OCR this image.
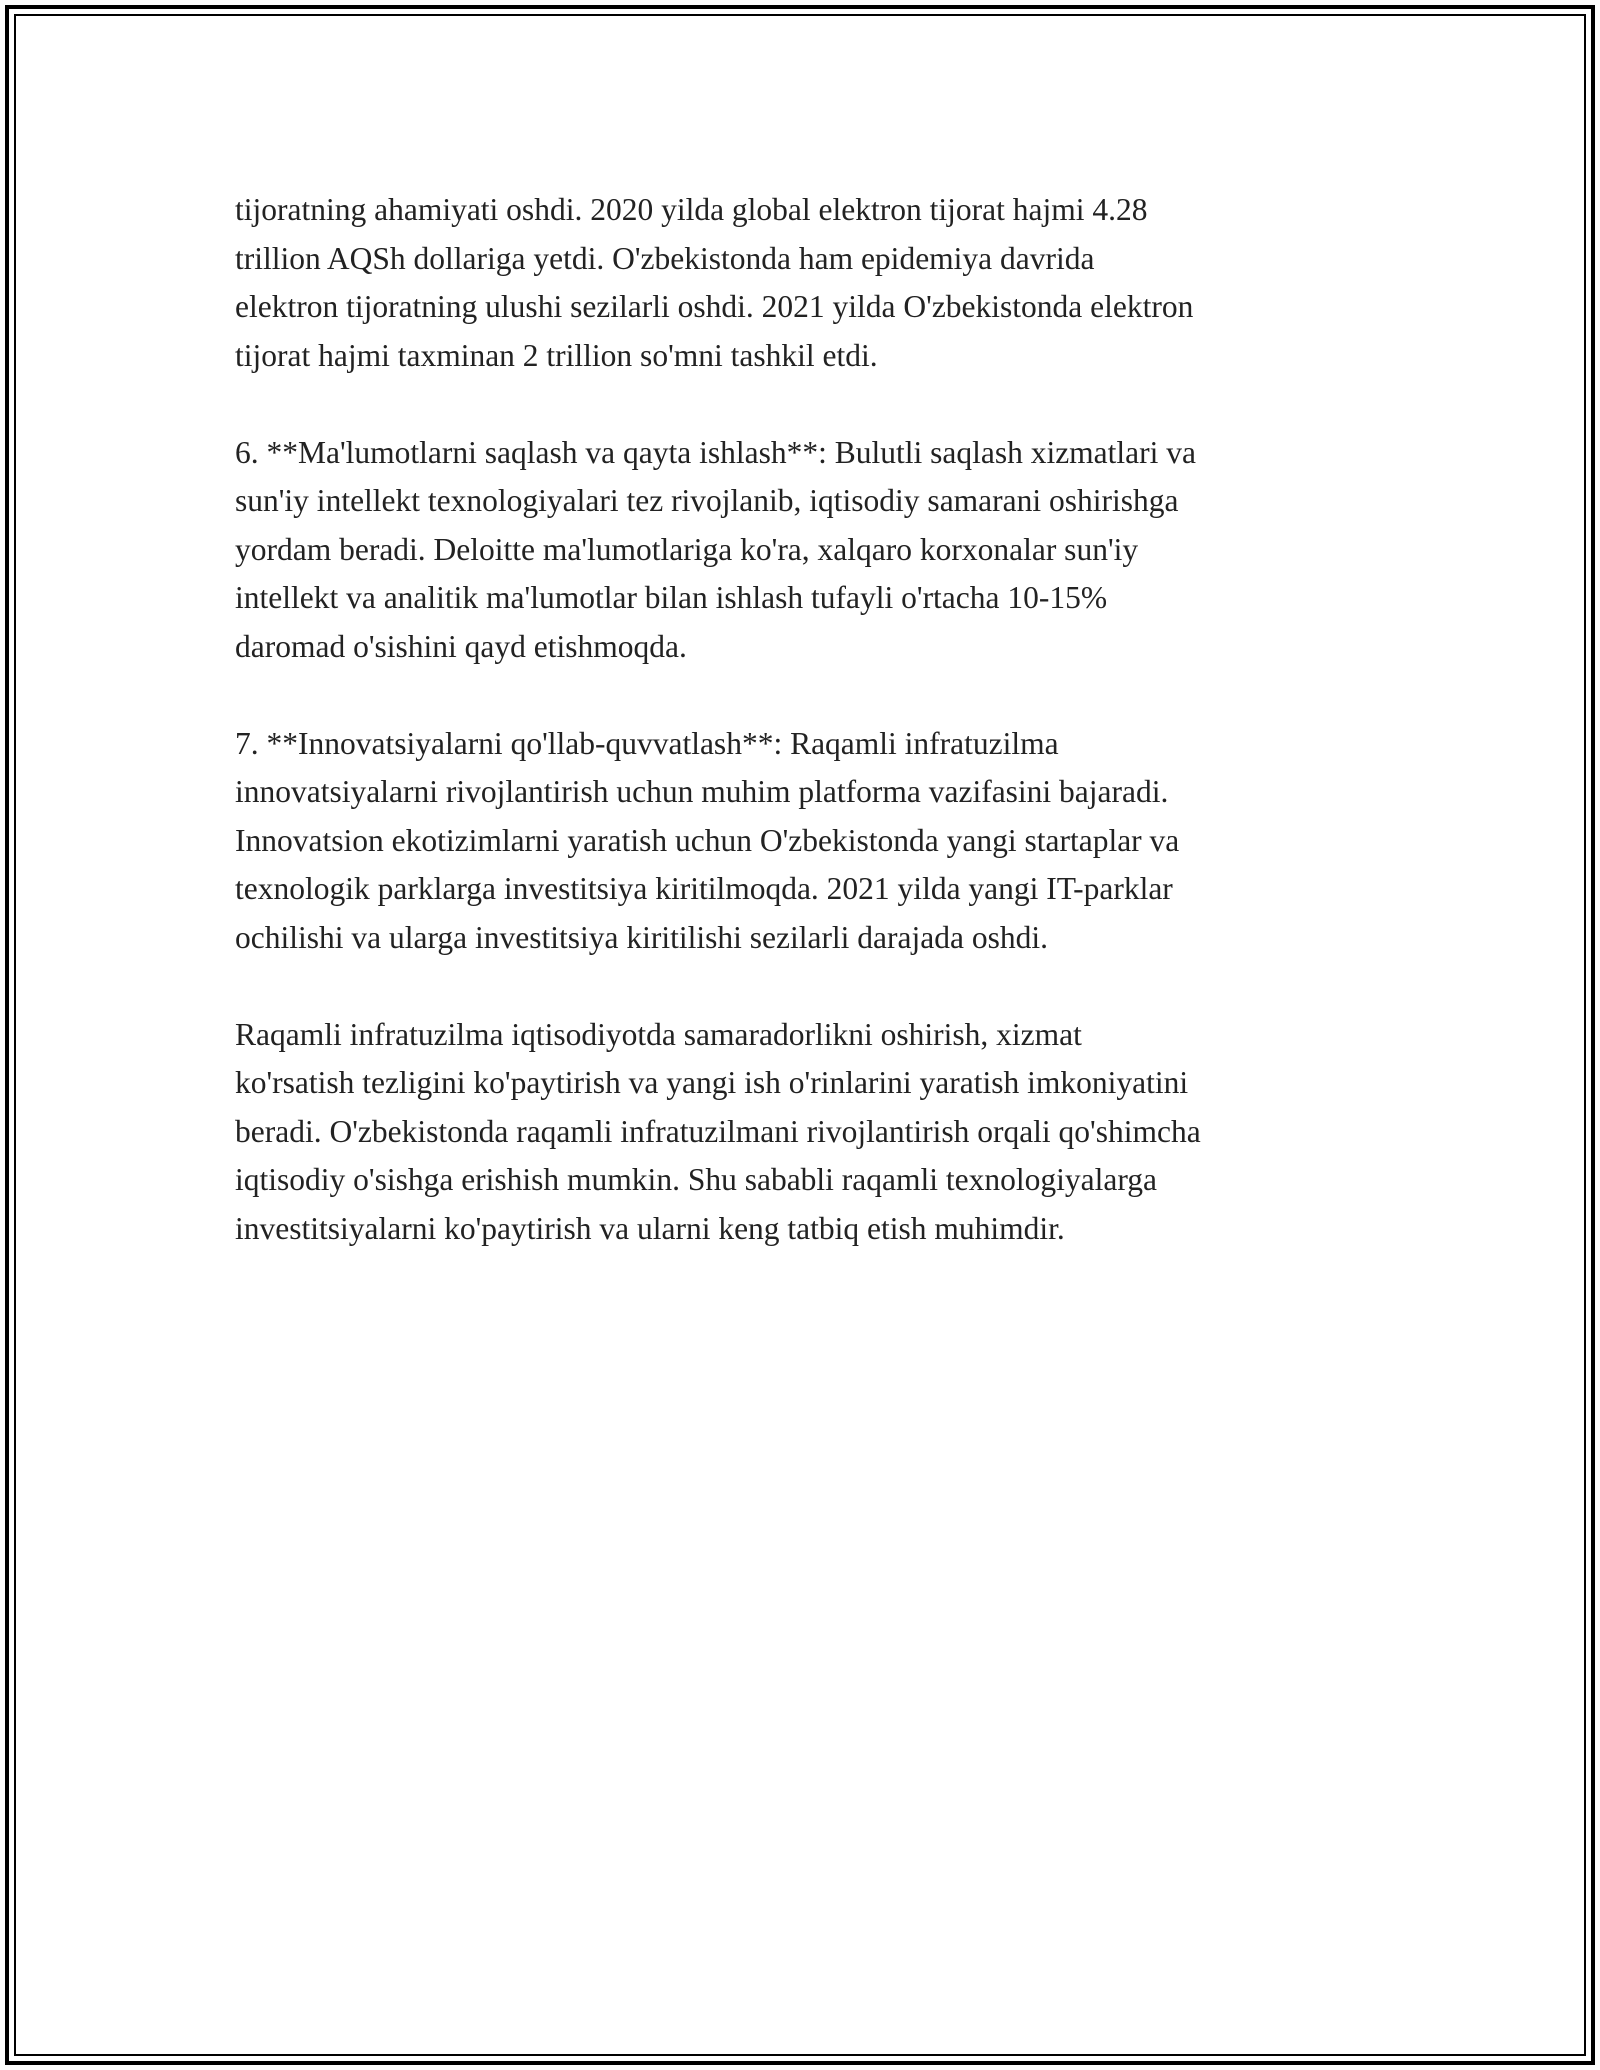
tijoratning ahamiyati oshdi. 2020 yilda global elektron tijorat hajmi 4.28
trillion AQSh dollariga yetdi. O'zbekistonda ham epidemiya davrida
elektron tijoratning ulushi sezilarli oshdi. 2021 yilda O'zbekistonda elektron
tijorat hajmi taxminan 2 trillion so'mni tashkil etdi.

6. **Ma'lumotlarni saqlash va qayta ishlash**: Bulutli saqlash xizmatlari va
sun'iy intellekt texnologiyalari tez rivojlanib, iqtisodiy samarani oshirishga
yordam beradi. Deloitte ma'lumotlariga ko'ra, xalqaro korxonalar sun'iy
intellekt va analitik ma'lumotlar bilan ishlash tufayli o'rtacha 10-15%
daromad o'sishini qayd etishmoqda.

7. **Innovatsiyalarni qo'llab-quvvatlash**: Raqamli infratuzilma
innovatsiyalarni rivojlantirish uchun muhim platforma vazifasini bajaradi.
Innovatsion ekotizimlarni yaratish uchun O'zbekistonda yangi startaplar va
texnologik parklarga investitsiya kiritilmoqda. 2021 yilda yangi IT-parklar
ochilishi va ularga investitsiya kiritilishi sezilarli darajada oshdi.

Raqamli infratuzilma iqtisodiyotda samaradorlikni oshirish, xizmat
ko'rsatish tezligini ko'paytirish va yangi ish o'rinlarini yaratish imkoniyatini
beradi. O'zbekistonda raqamli infratuzilmani rivojlantirish orqali qo'shimcha
iqtisodiy o'sishga erishish mumkin. Shu sababli raqamli texnologiyalarga
investitsiyalarni ko'paytirish va ularni keng tatbiq etish muhimdir.
